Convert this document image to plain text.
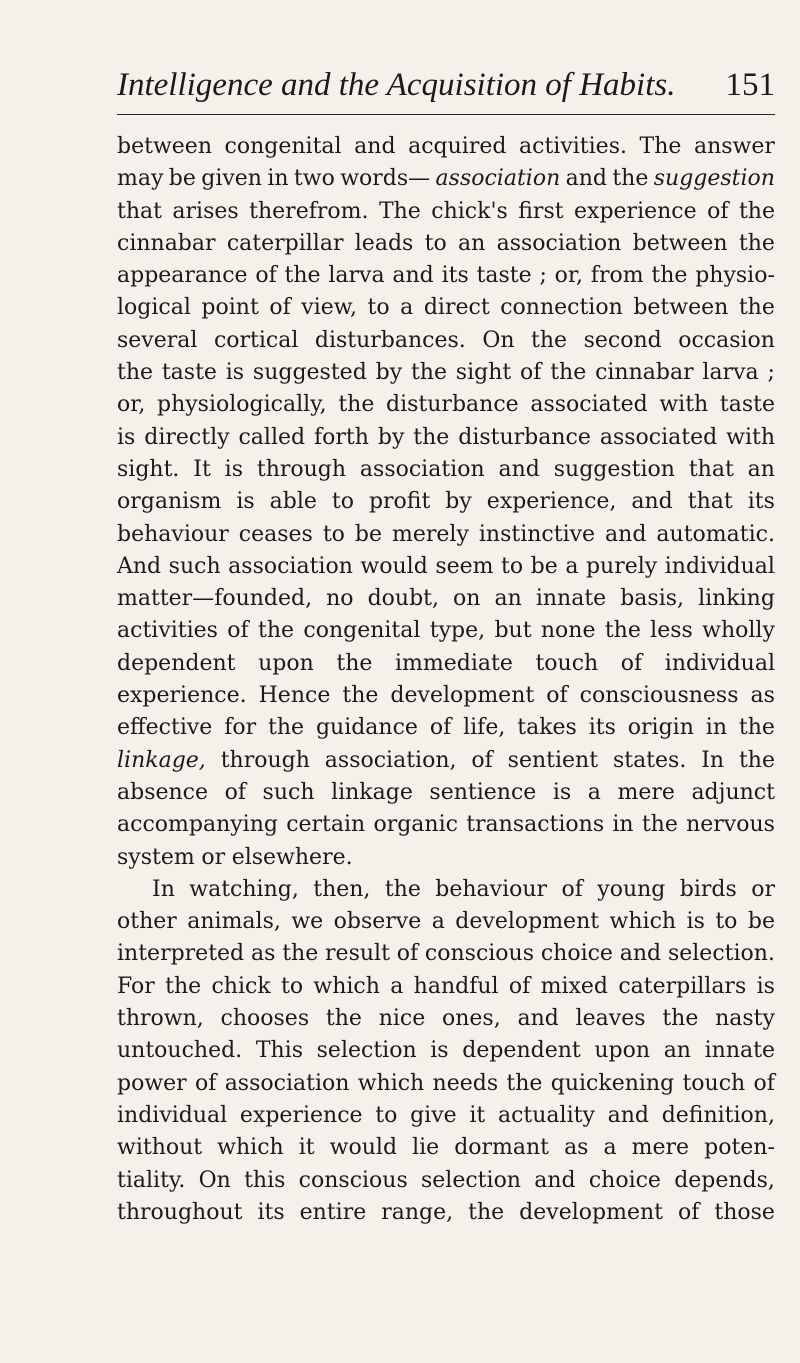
Intelligence and the Acquisition of Habits. 151
between congenital and acquired activities. The answer
may be given in two words— association and the suggestion
that arises therefrom. The chick's first experience of the
cinnabar caterpillar leads to an association between the
appearance of the larva and its taste ; or, from the physio-
logical point of view, to a direct connection between the
several cortical disturbances. On the second occasion
the taste is suggested by the sight of the cinnabar larva ;
or, physiologically, the disturbance associated with taste
is directly called forth by the disturbance associated with
sight. It is through association and suggestion that an
organism is able to profit by experience, and that its
behaviour ceases to be merely instinctive and automatic.
And such association would seem to be a purely individual
matter—founded, no doubt, on an innate basis, linking
activities of the congenital type, but none the less wholly
dependent upon the immediate touch of individual
experience. Hence the development of consciousness as
effective for the guidance of life, takes its origin in the
linkage, through association, of sentient states. In the
absence of such linkage sentience is a mere adjunct
accompanying certain organic transactions in the nervous
system or elsewhere.
In watching, then, the behaviour of young birds or
other animals, we observe a development which is to be
interpreted as the result of conscious choice and selection.
For the chick to which a handful of mixed caterpillars is
thrown, chooses the nice ones, and leaves the nasty
untouched. This selection is dependent upon an innate
power of association which needs the quickening touch of
individual experience to give it actuality and definition,
without which it would lie dormant as a mere poten-
tiality. On this conscious selection and choice depends,
throughout its entire range, the development of those
